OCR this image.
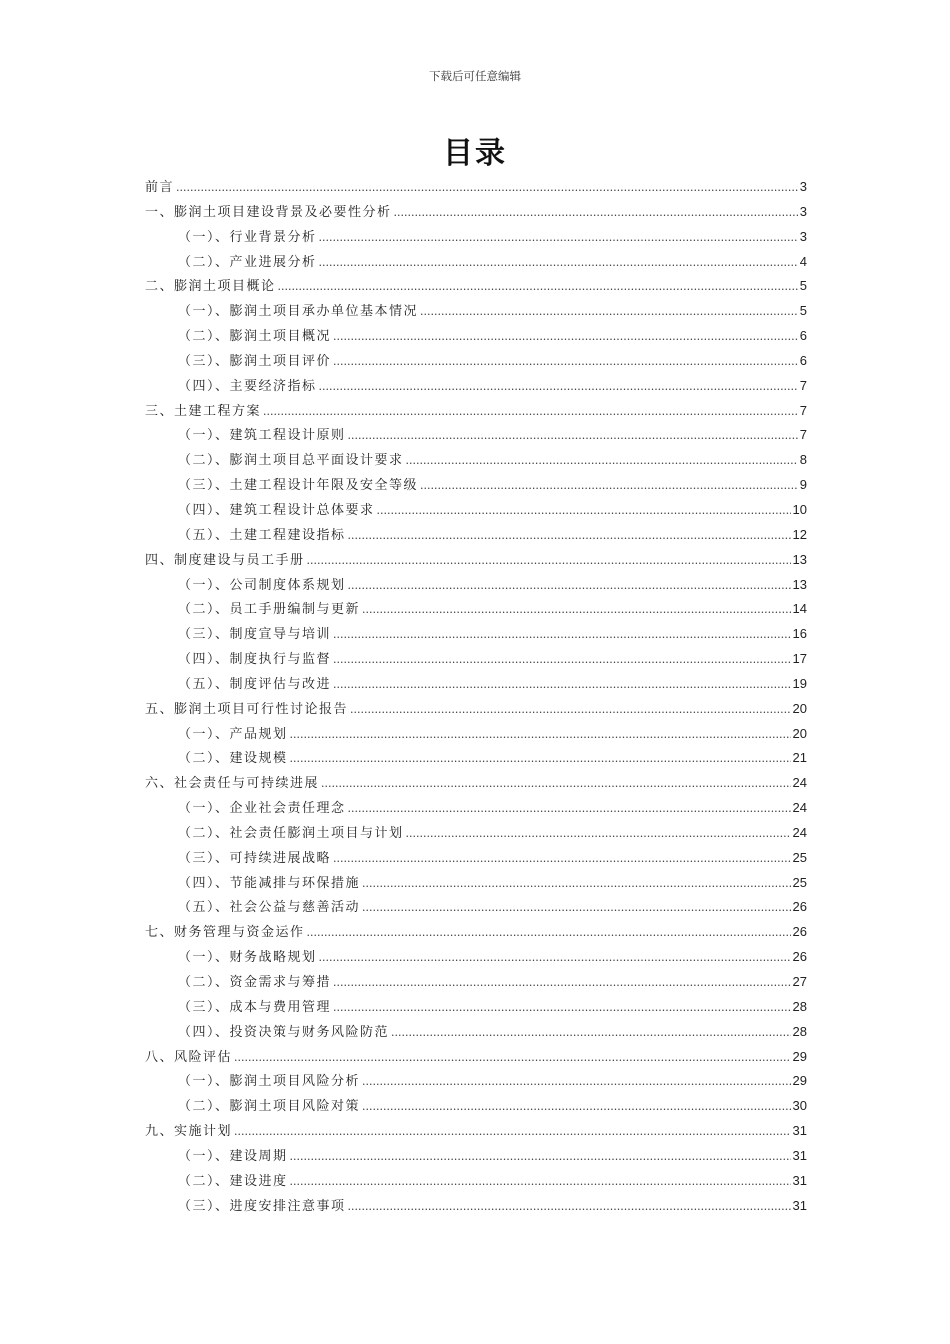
下载后可任意编辑
目录
前言 .....	3
一、膨润土项目建设背景及必要性分析 .....	3
（一）、行业背景分析 .....	3
（二）、产业进展分析 .....	4
二、膨润土项目概论 .....	5
（一）、膨润土项目承办单位基本情况 .....	5
（二）、膨润土项目概况 .....	6
（三）、膨润土项目评价 .....	6
（四）、主要经济指标 .....	7
三、土建工程方案 .....	7
（一）、建筑工程设计原则 .....	7
（二）、膨润土项目总平面设计要求 .....	8
（三）、土建工程设计年限及安全等级 .....	9
（四）、建筑工程设计总体要求 .....	10
（五）、土建工程建设指标 .....	12
四、制度建设与员工手册 .....	13
（一）、公司制度体系规划 .....	13
（二）、员工手册编制与更新 .....	14
（三）、制度宣导与培训 .....	16
（四）、制度执行与监督 .....	17
（五）、制度评估与改进 .....	19
五、膨润土项目可行性讨论报告 .....	20
（一）、产品规划 .....	20
（二）、建设规模 .....	21
六、社会责任与可持续进展 .....	24
（一）、企业社会责任理念 .....	24
（二）、社会责任膨润土项目与计划 .....	24
（三）、可持续进展战略 .....	25
（四）、节能减排与环保措施 .....	25
（五）、社会公益与慈善活动 .....	26
七、财务管理与资金运作 .....	26
（一）、财务战略规划 .....	26
（二）、资金需求与筹措 .....	27
（三）、成本与费用管理 .....	28
（四）、投资决策与财务风险防范 .....	28
八、风险评估 .....	29
（一）、膨润土项目风险分析 .....	29
（二）、膨润土项目风险对策 .....	30
九、实施计划 .....	31
（一）、建设周期 .....	31
（二）、建设进度 .....	31
（三）、进度安排注意事项 .....	31
